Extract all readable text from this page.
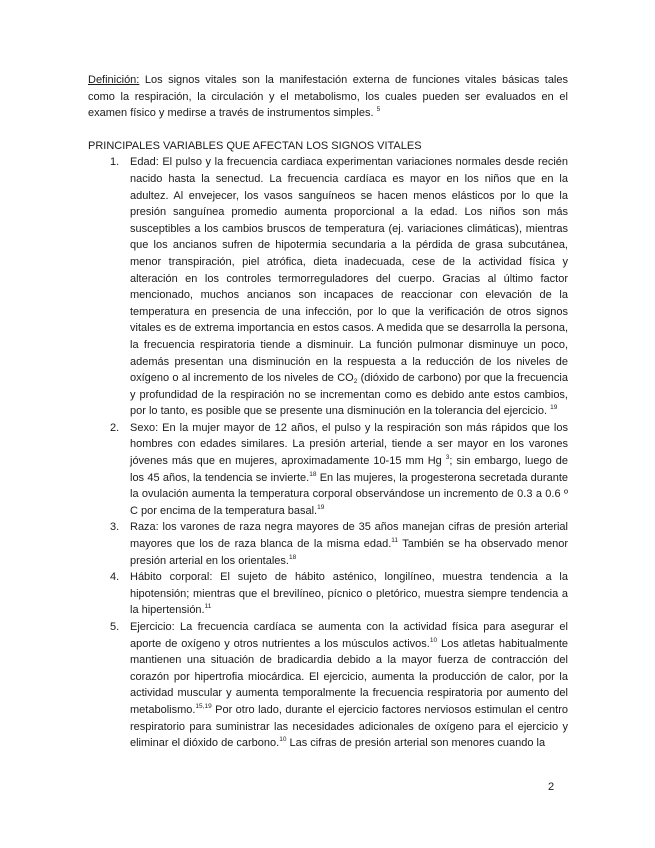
Definición: Los signos vitales son la manifestación externa de funciones vitales básicas tales como la respiración, la circulación y el metabolismo, los cuales pueden ser evaluados en el examen físico y medirse a través de instrumentos simples. $^5$

PRINCIPALES VARIABLES QUE AFECTAN LOS SIGNOS VITALES

1. Edad: El pulso y la frecuencia cardiaca experimentan variaciones normales desde recién nacido hasta la senectud. La frecuencia cardíaca es mayor en los niños que en la adultez. Al envejecer, los vasos sanguíneos se hacen menos elásticos por lo que la presión sanguínea promedio aumenta proporcional a la edad. Los niños son más susceptibles a los cambios bruscos de temperatura (ej. variaciones climáticas), mientras que los ancianos sufren de hipotermia secundaria a la pérdida de grasa subcutánea, menor transpiración, piel atrófica, dieta inadecuada, cese de la actividad física y alteración en los controles termorreguladores del cuerpo. Gracias al último factor mencionado, muchos ancianos son incapaces de reaccionar con elevación de la temperatura en presencia de una infección, por lo que la verificación de otros signos vitales es de extrema importancia en estos casos. A medida que se desarrolla la persona, la frecuencia respiratoria tiende a disminuir. La función pulmonar disminuye un poco, además presentan una disminución en la respuesta a la reducción de los niveles de oxígeno o al incremento de los niveles de $CO_2$ (dióxido de carbono) por que la frecuencia y profundidad de la respiración no se incrementan como es debido ante estos cambios, por lo tanto, es posible que se presente una disminución en la tolerancia del ejercicio. $^{19}$

2. Sexo: En la mujer mayor de 12 años, el pulso y la respiración son más rápidos que los hombres con edades similares. La presión arterial, tiende a ser mayor en los varones jóvenes más que en mujeres, aproximadamente 10-15 mm Hg $^3$; sin embargo, luego de los 45 años, la tendencia se invierte.$^{18}$ En las mujeres, la progesterona secretada durante la ovulación aumenta la temperatura corporal observándose un incremento de 0.3 a 0.6 º C por encima de la temperatura basal.$^{19}$

3. Raza: los varones de raza negra mayores de 35 años manejan cifras de presión arterial mayores que los de raza blanca de la misma edad.$^{11}$ También se ha observado menor presión arterial en los orientales.$^{18}$

4. Hábito corporal: El sujeto de hábito asténico, longilíneo, muestra tendencia a la hipotensión; mientras que el brevilíneo, pícnico o pletórico, muestra siempre tendencia a la hipertensión.$^{11}$

5. Ejercicio: La frecuencia cardíaca se aumenta con la actividad física para asegurar el aporte de oxígeno y otros nutrientes a los músculos activos.$^{10}$ Los atletas habitualmente mantienen una situación de bradicardia debido a la mayor fuerza de contracción del corazón por hipertrofia miocárdica. El ejercicio, aumenta la producción de calor, por la actividad muscular y aumenta temporalmente la frecuencia respiratoria por aumento del metabolismo.$^{15,19}$ Por otro lado, durante el ejercicio factores nerviosos estimulan el centro respiratorio para suministrar las necesidades adicionales de oxígeno para el ejercicio y eliminar el dióxido de carbono.$^{10}$ Las cifras de presión arterial son menores cuando la

2
